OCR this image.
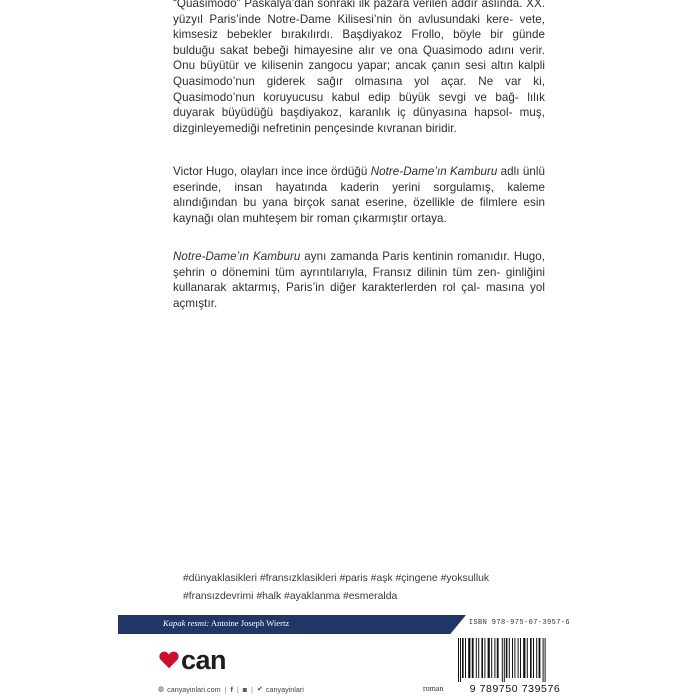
“Quasimodo” Paskalya’dan sonraki ilk pazara verilen addır aslında. XX. yüzyıl Paris’inde Notre-Dame Kilisesi’nin ön avlusundaki kere- vete, kimsesiz bebekler bırakılırdı. Başdiyakoz Frollo, böyle bir günde bulduğu sakat bebeği himayesine alır ve ona Quasimodo adını verir. Onu büyütür ve kilisenin zangocu yapar; ancak çanın sesi altın kalpli Quasimodo’nun giderek sağır olmasına yol açar. Ne var ki, Quasimodo’nun koruyucusu kabul edip büyük sevgi ve bağ- lılık duyarak büyüdüğü başdiyakoz, karanlık iç dünyasına hapsol- muş, dizginleyemediği nefretinin pençesinde kıvranan biridir.

Victor Hugo, olayları ince ince ördüğü Notre-Dame’ın Kamburu adlı ünlü eserinde, insan hayatında kaderin yerini sorgulamış, kaleme alındığından bu yana birçok sanat eserine, özellikle de filmlere esin kaynağı olan muhteşem bir roman çıkarmıştır ortaya.

Notre-Dame’ın Kamburu aynı zamanda Paris kentinin romanıdır. Hugo, şehrin o dönemini tüm ayrıntılarıyla, Fransız dilinin tüm zen- ginliğini kullanarak aktarmış, Paris’in diğer karakterlerden rol çal- masına yol açmıştır.

#dünyaklasikleri #fransızklasikleri #paris #aşk #çingene #yoksulluk
#fransızdevrimi #halk #ayaklanma #esmeralda
Kapak resmi: Antoine Joseph Wiertz	ISBN 978-975-07-3957-6
can
◍ canyayinlari.com | f | ◙ | ✔ canyayinlari	roman	9 789750 739576
